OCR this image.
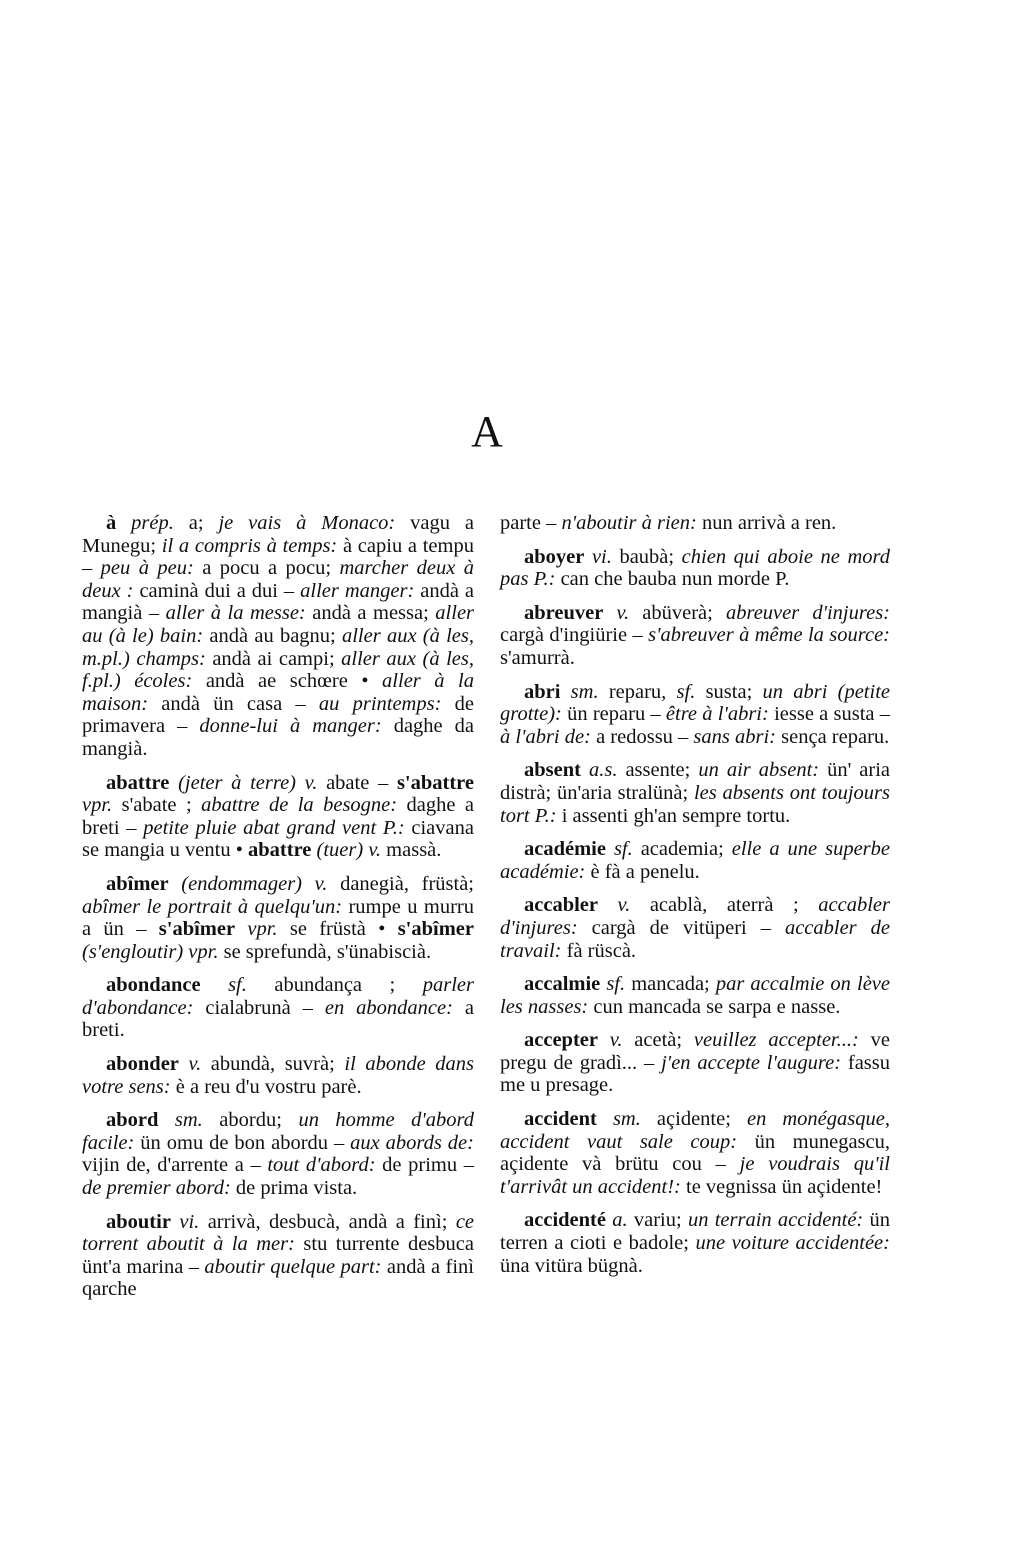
A

à prép. a; je vais à Monaco: vagu a Munegu; il a compris à temps: à capiu a tempu – peu à peu: a pocu a pocu; marcher deux à deux : caminà dui a dui – aller manger: andà a mangià – aller à la messe: andà a messa; aller au (à le) bain: andà au bagnu; aller aux (à les, m.pl.) champs: andà ai campi; aller aux (à les, f.pl.) écoles: andà ae schœre • aller à la maison: andà ün casa – au printemps: de primavera – donne-lui à manger: daghe da mangià.

abattre (jeter à terre) v. abate – s'abattre vpr. s'abate ; abattre de la besogne: daghe a breti – petite pluie abat grand vent P.: ciavana se mangia u ventu • abattre (tuer) v. massà.

abîmer (endommager) v. danegià, früstà; abîmer le portrait à quelqu'un: rumpe u murru a ün – s'abîmer vpr. se früstà • s'abîmer (s'engloutir) vpr. se sprefundà, s'ünabiscià.

abondance sf. abundança ; parler d'abondance: cialabrunà – en abondance: a breti.

abonder v. abundà, suvrà; il abonde dans votre sens: è a reu d'u vostru parè.

abord sm. abordu; un homme d'abord facile: ün omu de bon abordu – aux abords de: vijin de, d'arrente a – tout d'abord: de primu – de premier abord: de prima vista.

aboutir vi. arrivà, desbucà, andà a finì; ce torrent aboutit à la mer: stu turrente desbuca ünt'a marina – aboutir quelque part: andà a finì qarche

parte – n'aboutir à rien: nun arrivà a ren.

aboyer vi. baubà; chien qui aboie ne mord pas P.: can che bauba nun morde P.

abreuver v. abüverà; abreuver d'injures: cargà d'ingiürie – s'abreuver à même la source: s'amurrà.

abri sm. reparu, sf. susta; un abri (petite grotte): ün reparu – être à l'abri: iesse a susta – à l'abri de: a redossu – sans abri: sença reparu.

absent a.s. assente; un air absent: ün' aria distrà; ün'aria stralünà; les absents ont toujours tort P.: i assenti gh'an sempre tortu.

académie sf. academia; elle a une superbe académie: è fà a penelu.

accabler v. acablà, aterrà ; accabler d'injures: cargà de vitüperi – accabler de travail: fà rüscà.

accalmie sf. mancada; par accalmie on lève les nasses: cun mancada se sarpa e nasse.

accepter v. acetà; veuillez accepter...: ve pregu de gradì... – j'en accepte l'augure: fassu me u presage.

accident sm. açidente; en monégasque, accident vaut sale coup: ün munegascu, açidente và brütu cou – je voudrais qu'il t'arrivât un accident!: te vegnissa ün açidente!

accidenté a. variu; un terrain accidenté: ün terren a cioti e badole; une voiture accidentée: üna vitüra bügnà.
